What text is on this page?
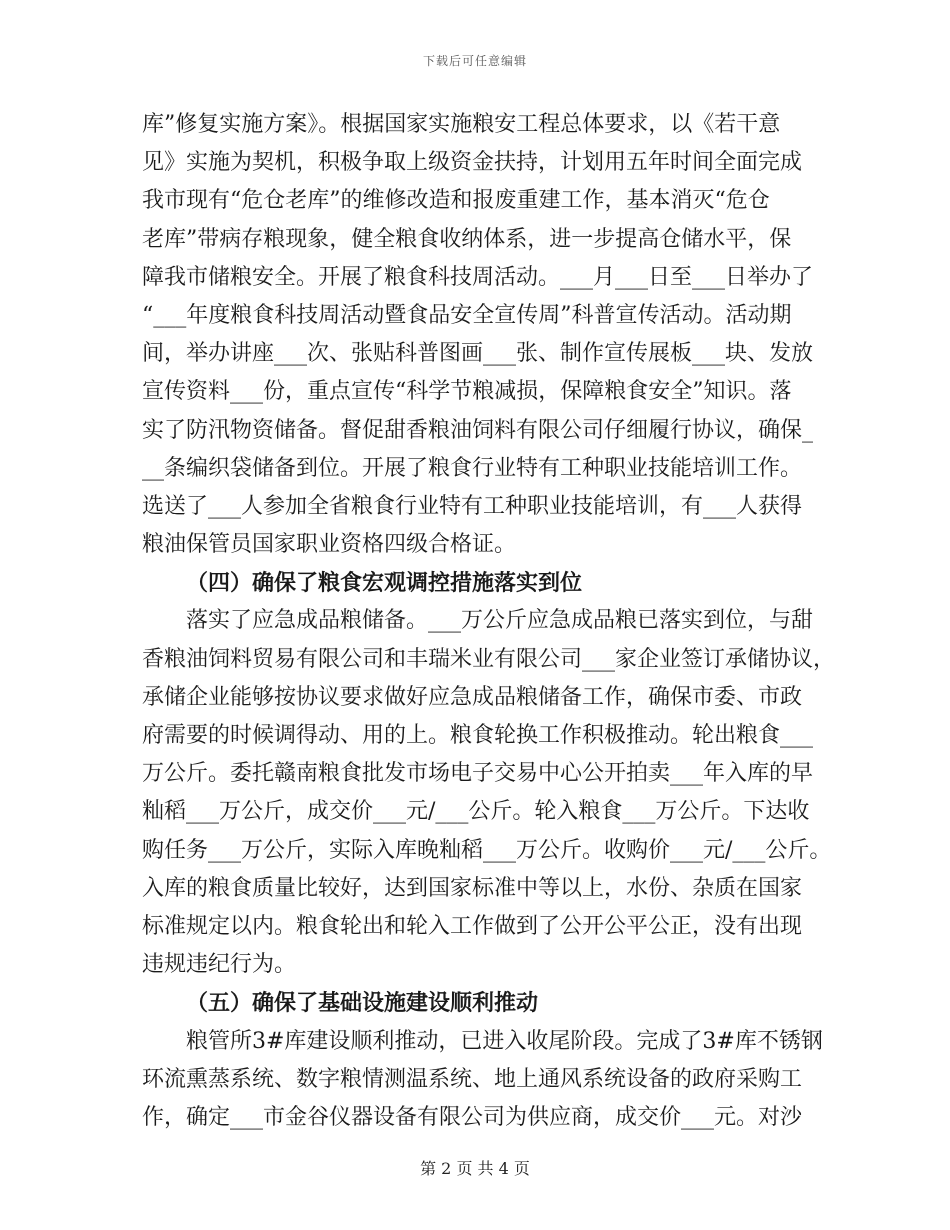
下载后可任意编辑
库”修复实施方案》。根据国家实施粮安工程总体要求，以《若干意
见》实施为契机，积极争取上级资金扶持，计划用五年时间全面完成
我市现有“危仓老库”的维修改造和报废重建工作，基本消灭“危仓
老库”带病存粮现象，健全粮食收纳体系，进一步提高仓储水平，保
障我市储粮安全。开展了粮食科技周活动。___月___日至___日举办了
“___年度粮食科技周活动暨食品安全宣传周”科普宣传活动。活动期
间，举办讲座___次、张贴科普图画___张、制作宣传展板___块、发放
宣传资料___份，重点宣传“科学节粮减损，保障粮食安全”知识。落
实了防汛物资储备。督促甜香粮油饲料有限公司仔细履行协议，确保_
__条编织袋储备到位。开展了粮食行业特有工种职业技能培训工作。
选送了___人参加全省粮食行业特有工种职业技能培训，有___人获得
粮油保管员国家职业资格四级合格证。
（四）确保了粮食宏观调控措施落实到位
落实了应急成品粮储备。___万公斤应急成品粮已落实到位，与甜
香粮油饲料贸易有限公司和丰瑞米业有限公司___家企业签订承储协议，
承储企业能够按协议要求做好应急成品粮储备工作，确保市委、市政
府需要的时候调得动、用的上。粮食轮换工作积极推动。轮出粮食___
万公斤。委托赣南粮食批发市场电子交易中心公开拍卖___年入库的早
籼稻___万公斤，成交价___元/___公斤。轮入粮食___万公斤。下达收
购任务___万公斤，实际入库晚籼稻___万公斤。收购价___元/___公斤。
入库的粮食质量比较好，达到国家标准中等以上，水份、杂质在国家
标准规定以内。粮食轮出和轮入工作做到了公开公平公正，没有出现
违规违纪行为。
（五）确保了基础设施建设顺利推动
粮管所3#库建设顺利推动，已进入收尾阶段。完成了3#库不锈钢
环流熏蒸系统、数字粮情测温系统、地上通风系统设备的政府采购工
作，确定___市金谷仪器设备有限公司为供应商，成交价___元。对沙
第 2 页 共 4 页
